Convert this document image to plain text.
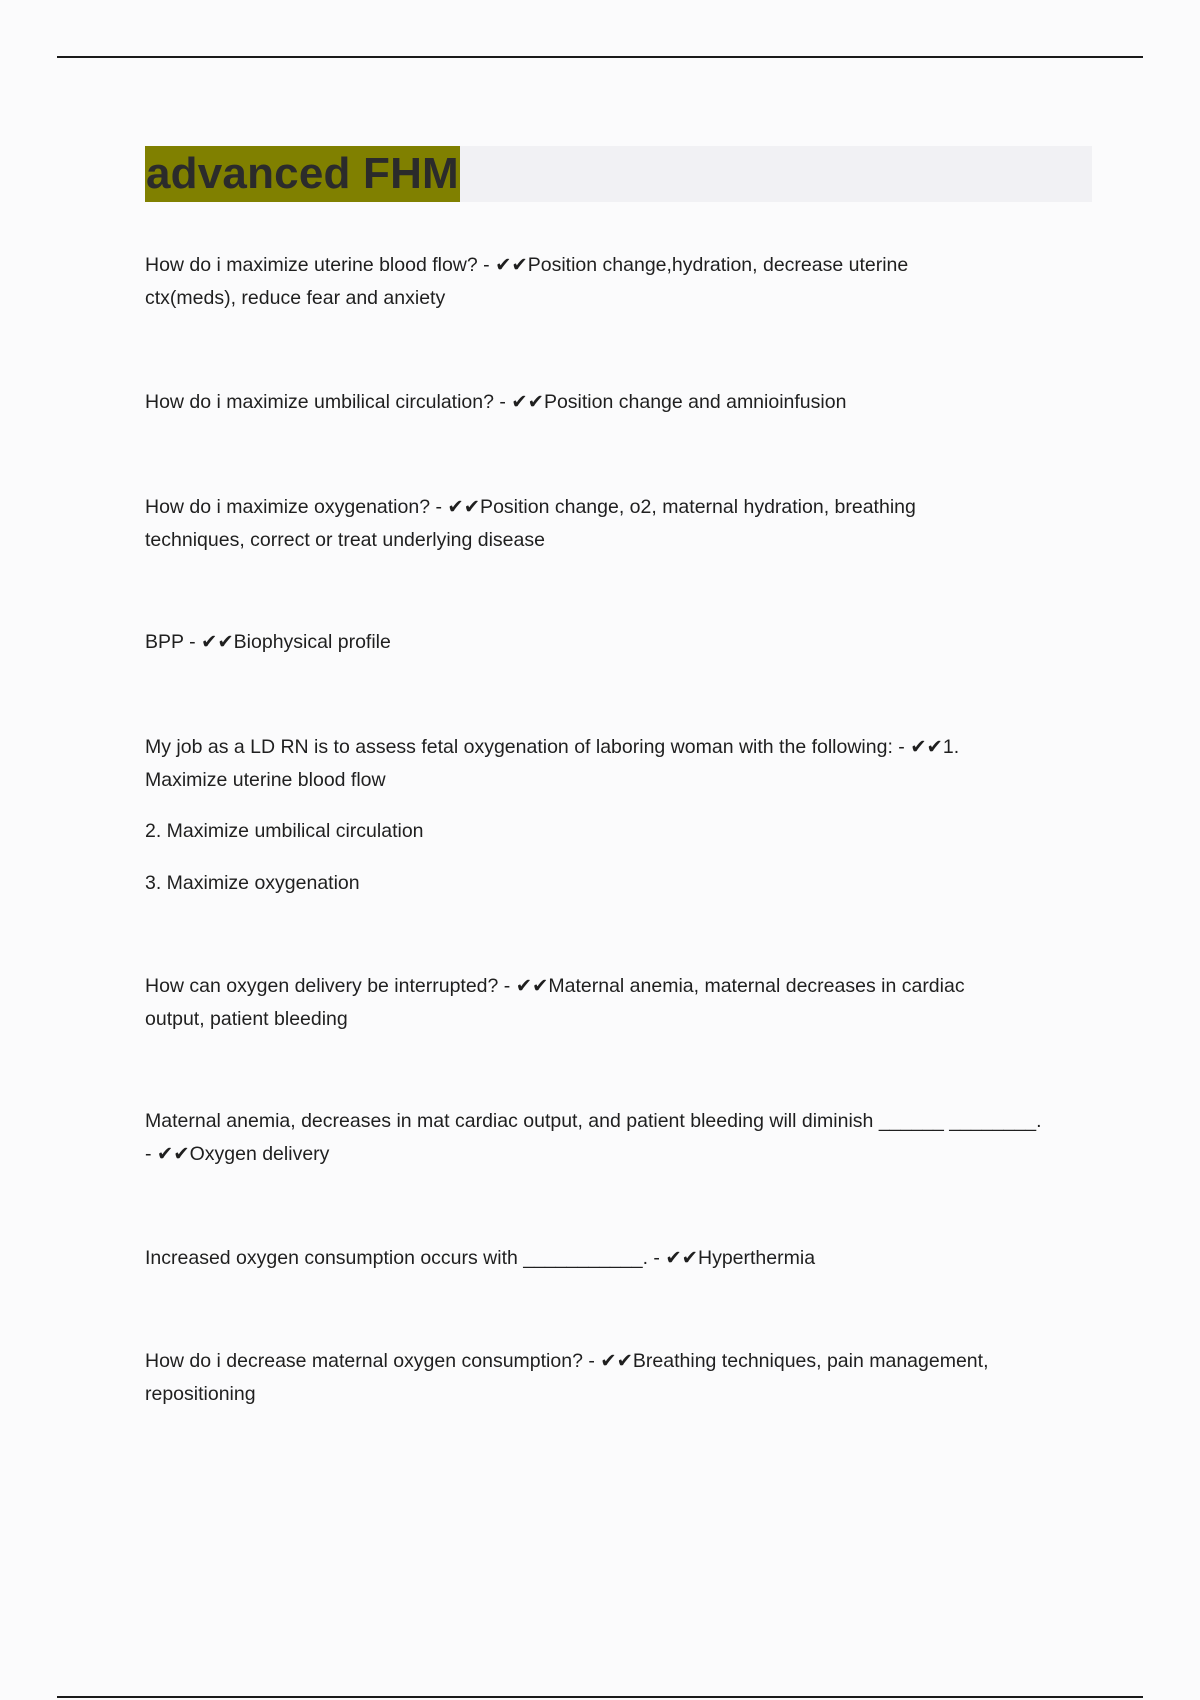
advanced FHM
How do i maximize uterine blood flow? - ✔✔Position change,hydration, decrease uterine
ctx(meds), reduce fear and anxiety
How do i maximize umbilical circulation? - ✔✔Position change and amnioinfusion
How do i maximize oxygenation? - ✔✔Position change, o2, maternal hydration, breathing
techniques, correct or treat underlying disease
BPP - ✔✔Biophysical profile
My job as a LD RN is to assess fetal oxygenation of laboring woman with the following: - ✔✔1.
Maximize uterine blood flow
2. Maximize umbilical circulation
3. Maximize oxygenation
How can oxygen delivery be interrupted? - ✔✔Maternal anemia, maternal decreases in cardiac
output, patient bleeding
Maternal anemia, decreases in mat cardiac output, and patient bleeding will diminish ______ ________.
- ✔✔Oxygen delivery
Increased oxygen consumption occurs with ___________. - ✔✔Hyperthermia
How do i decrease maternal oxygen consumption? - ✔✔Breathing techniques, pain management,
repositioning
